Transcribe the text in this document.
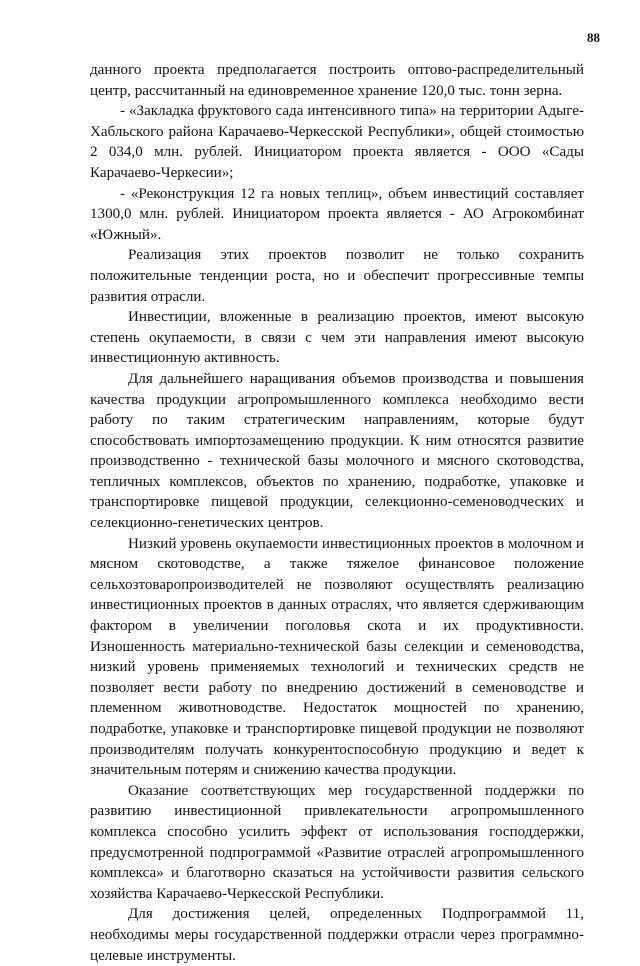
88

данного проекта предполагается построить оптово-распределительный центр, рассчитанный на единовременное хранение 120,0 тыс. тонн зерна.

- «Закладка фруктового сада интенсивного типа» на территории Адыге-Хабльского района Карачаево-Черкесской Республики», общей стоимостью 2 034,0 млн. рублей. Инициатором проекта является - ООО «Сады Карачаево-Черкесии»;

- «Реконструкция 12 га новых теплиц», объем инвестиций составляет 1300,0 млн. рублей. Инициатором проекта является - АО Агрокомбинат «Южный».

Реализация этих проектов позволит не только сохранить положительные тенденции роста, но и обеспечит прогрессивные темпы развития отрасли.

Инвестиции, вложенные в реализацию проектов, имеют высокую степень окупаемости, в связи с чем эти направления имеют высокую инвестиционную активность.

Для дальнейшего наращивания объемов производства и повышения качества продукции агропромышленного комплекса необходимо вести работу по таким стратегическим направлениям, которые будут способствовать импортозамещению продукции. К ним относятся развитие производственно - технической базы молочного и мясного скотоводства, тепличных комплексов, объектов по хранению, подработке, упаковке и транспортировке пищевой продукции, селекционно-семеноводческих и селекционно-генетических центров.

Низкий уровень окупаемости инвестиционных проектов в молочном и мясном скотоводстве, а также тяжелое финансовое положение сельхозтоваропроизводителей не позволяют осуществлять реализацию инвестиционных проектов в данных отраслях, что является сдерживающим фактором в увеличении поголовья скота и их продуктивности. Изношенность материально-технической базы селекции и семеноводства, низкий уровень применяемых технологий и технических средств не позволяет вести работу по внедрению достижений в семеноводстве и племенном животноводстве. Недостаток мощностей по хранению, подработке, упаковке и транспортировке пищевой продукции не позволяют производителям получать конкурентоспособную продукцию и ведет к значительным потерям и снижению качества продукции.

Оказание соответствующих мер государственной поддержки по развитию инвестиционной привлекательности агропромышленного комплекса способно усилить эффект от использования господдержки, предусмотренной подпрограммой «Развитие отраслей агропромышленного комплекса» и благотворно сказаться на устойчивости развития сельского хозяйства Карачаево-Черкесской Республики.

Для достижения целей, определенных Подпрограммой 11, необходимы меры государственной поддержки отрасли через программно-целевые инструменты.
